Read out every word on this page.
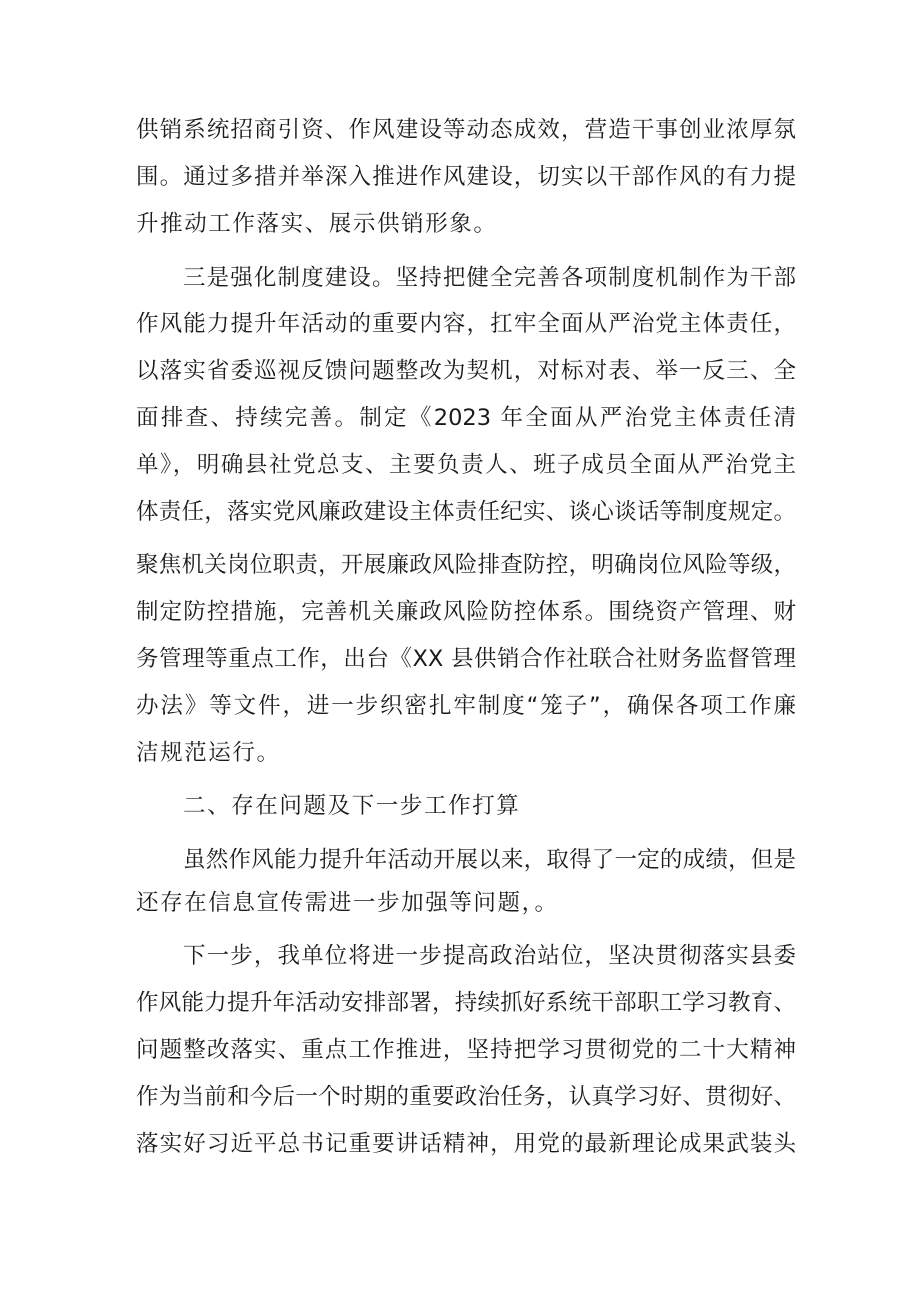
供销系统招商引资、作风建设等动态成效，营造干事创业浓厚氛
围。通过多措并举深入推进作风建设，切实以干部作风的有力提
升推动工作落实、展示供销形象。
三是强化制度建设。坚持把健全完善各项制度机制作为干部
作风能力提升年活动的重要内容，扛牢全面从严治党主体责任，
以落实省委巡视反馈问题整改为契机，对标对表、举一反三、全
面排查、持续完善。制定《2023 年全面从严治党主体责任清
单》，明确县社党总支、主要负责人、班子成员全面从严治党主
体责任，落实党风廉政建设主体责任纪实、谈心谈话等制度规定。
聚焦机关岗位职责，开展廉政风险排查防控，明确岗位风险等级，
制定防控措施，完善机关廉政风险防控体系。围绕资产管理、财
务管理等重点工作，出台《XX 县供销合作社联合社财务监督管理
办法》等文件，进一步织密扎牢制度“笼子”，确保各项工作廉
洁规范运行。
二、存在问题及下一步工作打算
虽然作风能力提升年活动开展以来，取得了一定的成绩，但是
还存在信息宣传需进一步加强等问题，。
下一步，我单位将进一步提高政治站位，坚决贯彻落实县委
作风能力提升年活动安排部署，持续抓好系统干部职工学习教育、
问题整改落实、重点工作推进，坚持把学习贯彻党的二十大精神
作为当前和今后一个时期的重要政治任务，认真学习好、贯彻好、
落实好习近平总书记重要讲话精神，用党的最新理论成果武装头
